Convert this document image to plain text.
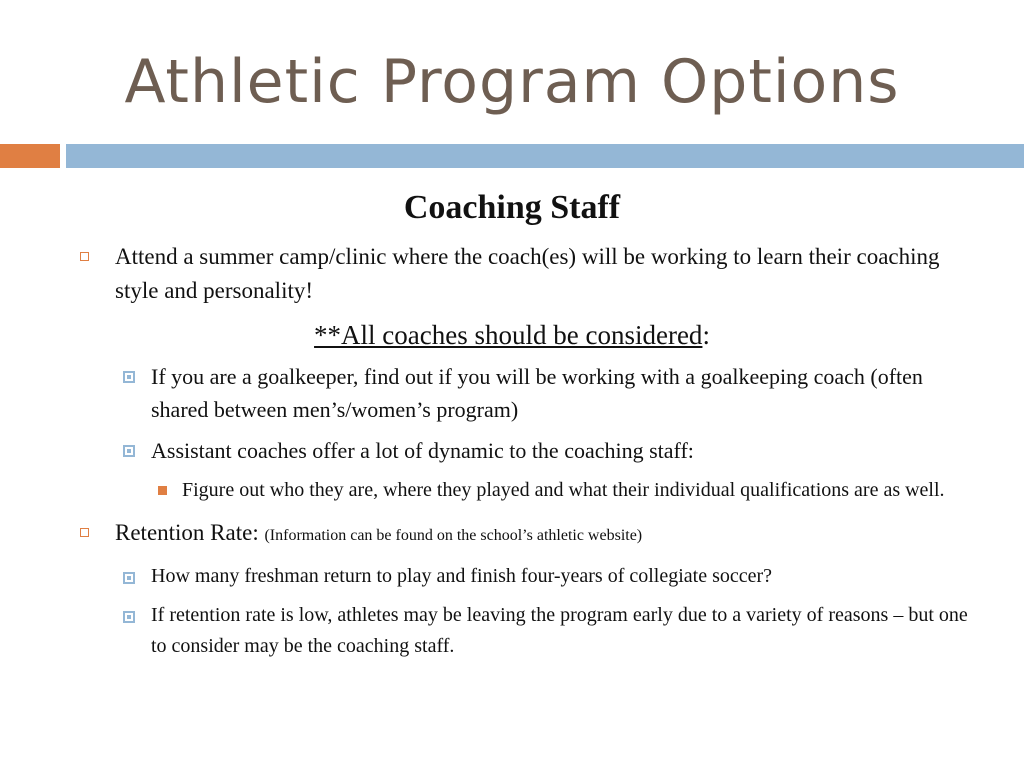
Athletic Program Options
Coaching Staff
Attend a summer camp/clinic where the coach(es) will be working to learn their coaching style and personality!
**All coaches should be considered:
If you are a goalkeeper, find out if you will be working with a goalkeeping coach (often shared between men’s/women’s program)
Assistant coaches offer a lot of dynamic to the coaching staff:
Figure out who they are, where they played and what their individual qualifications are as well.
Retention Rate: (Information can be found on the school’s athletic website)
How many freshman return to play and finish four-years of collegiate soccer?
If retention rate is low, athletes may be leaving the program early due to a variety of reasons – but one to consider may be the coaching staff.
